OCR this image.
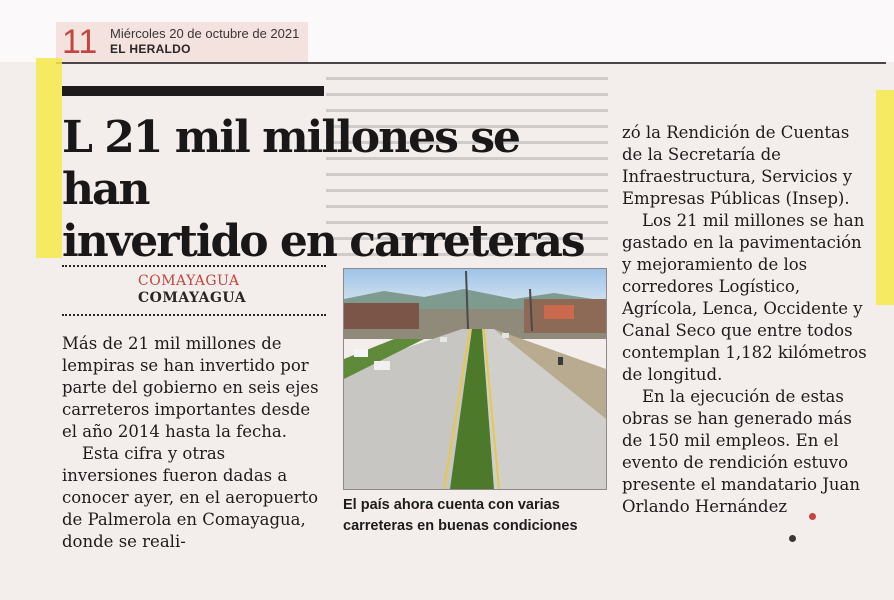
11 Miércoles 20 de octubre de 2021
EL HERALDO
L 21 mil millones se han
invertido en carreteras
COMAYAGUA
COMAYAGUA

Más de 21 mil millones de lempiras se han invertido por parte del gobierno en seis ejes carreteros importantes desde el año 2014 hasta la fecha.

Esta cifra y otras inversiones fueron dadas a conocer ayer, en el aeropuerto de Palmerola en Comayagua, donde se reali-

El país ahora cuenta con varias carreteras en buenas condiciones

zó la Rendición de Cuentas de la Secretaría de Infraestructura, Servicios y Empresas Públicas (Insep).

Los 21 mil millones se han gastado en la pavimentación y mejoramiento de los corredores Logístico, Agrícola, Lenca, Occidente y Canal Seco que entre todos contemplan 1,182 kilómetros de longitud.

En la ejecución de estas obras se han generado más de 150 mil empleos. En el evento de rendición estuvo presente el mandatario Juan Orlando Hernández
